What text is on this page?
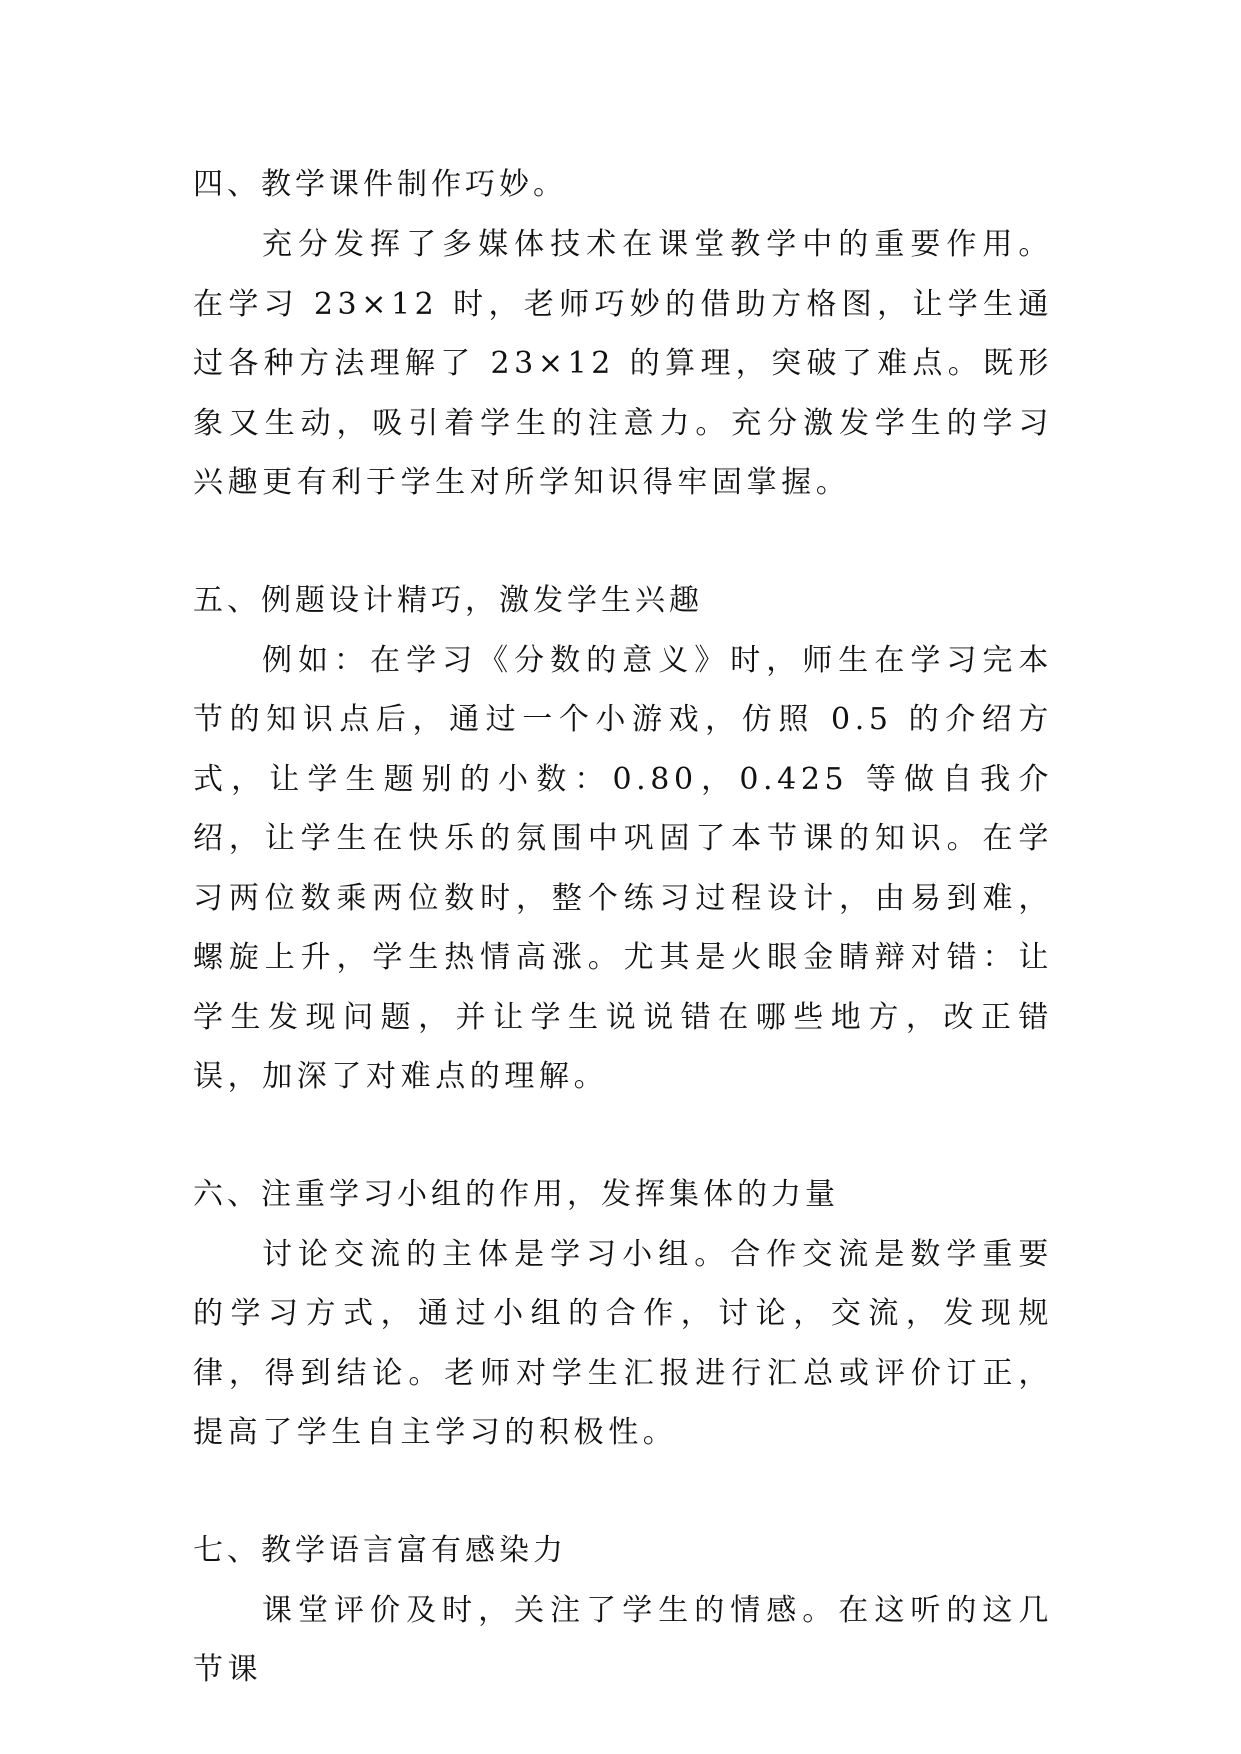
四、教学课件制作巧妙。

充分发挥了多媒体技术在课堂教学中的重要作用。在学习 23×12 时，老师巧妙的借助方格图，让学生通过各种方法理解了 23×12 的算理，突破了难点。既形象又生动，吸引着学生的注意力。充分激发学生的学习兴趣更有利于学生对所学知识得牢固掌握。

五、例题设计精巧，激发学生兴趣

例如：在学习《分数的意义》时，师生在学习完本节的知识点后，通过一个小游戏，仿照 0.5 的介绍方式，让学生题别的小数：0.80，0.425 等做自我介绍，让学生在快乐的氛围中巩固了本节课的知识。在学习两位数乘两位数时，整个练习过程设计，由易到难，螺旋上升，学生热情高涨。尤其是火眼金睛辩对错：让学生发现问题，并让学生说说错在哪些地方，改正错误，加深了对难点的理解。

六、注重学习小组的作用，发挥集体的力量

讨论交流的主体是学习小组。合作交流是数学重要的学习方式，通过小组的合作，讨论，交流，发现规律，得到结论。老师对学生汇报进行汇总或评价订正，提高了学生自主学习的积极性。

七、教学语言富有感染力

课堂评价及时，关注了学生的情感。在这听的这几节课
